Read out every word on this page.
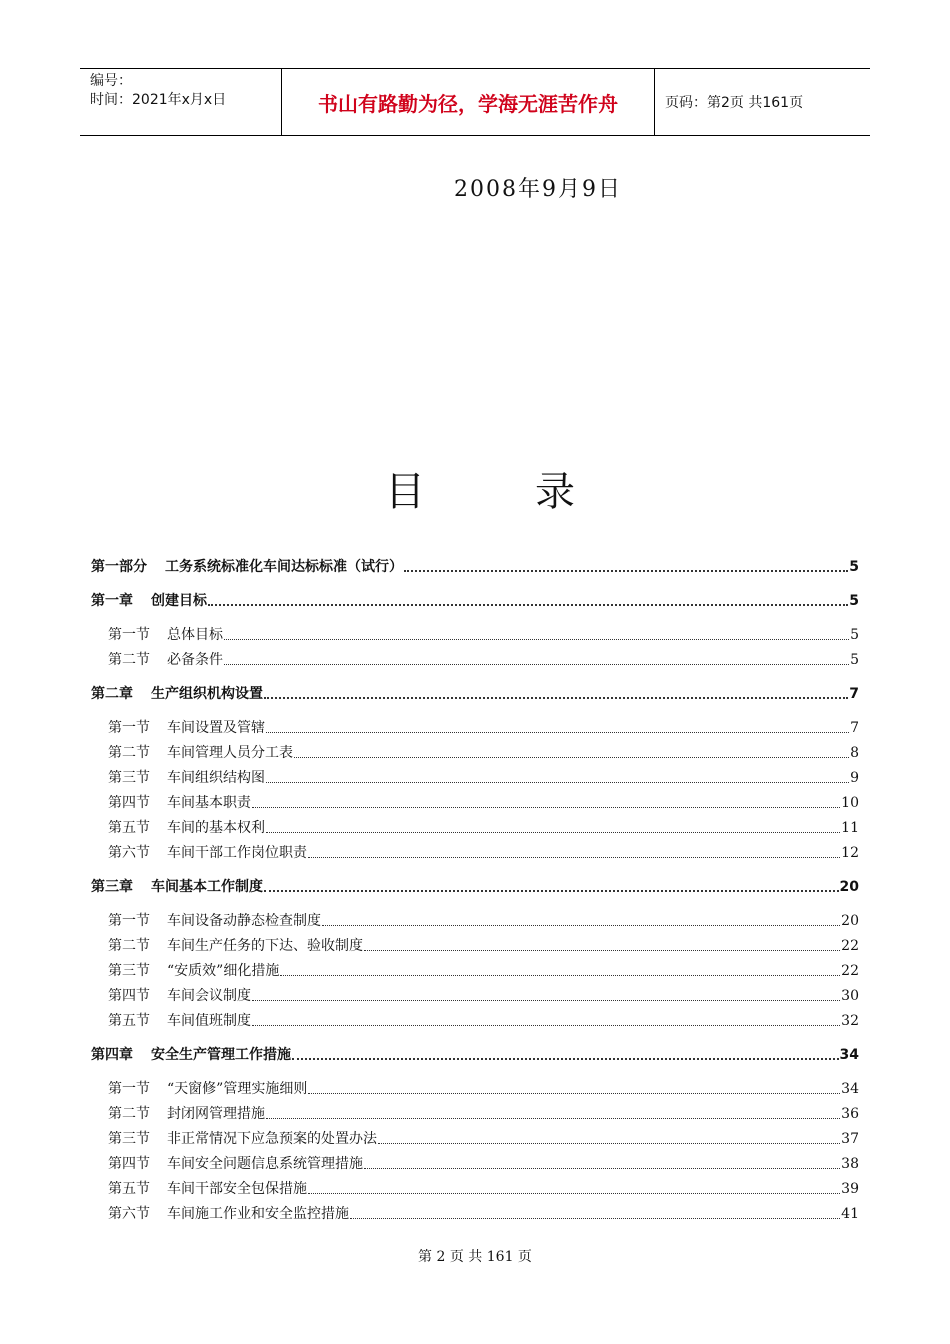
编号：
时间：2021年x月x日	书山有路勤为径，学海无涯苦作舟	页码：第2页 共161页
2008年9月9日
目	录
第一部分 工务系统标准化车间达标标准（试行）	5
第一章 创建目标	5
第一节 总体目标	5
第二节 必备条件	5
第二章 生产组织机构设置	7
第一节 车间设置及管辖	7
第二节 车间管理人员分工表	8
第三节 车间组织结构图	9
第四节 车间基本职责	10
第五节 车间的基本权利	11
第六节 车间干部工作岗位职责	12
第三章 车间基本工作制度	20
第一节 车间设备动静态检查制度	20
第二节 车间生产任务的下达、验收制度	22
第三节 “安质效”细化措施	22
第四节 车间会议制度	30
第五节 车间值班制度	32
第四章 安全生产管理工作措施	34
第一节 “天窗修”管理实施细则	34
第二节 封闭网管理措施	36
第三节 非正常情况下应急预案的处置办法	37
第四节 车间安全问题信息系统管理措施	38
第五节 车间干部安全包保措施	39
第六节 车间施工作业和安全监控措施	41
第 2 页 共 161 页
